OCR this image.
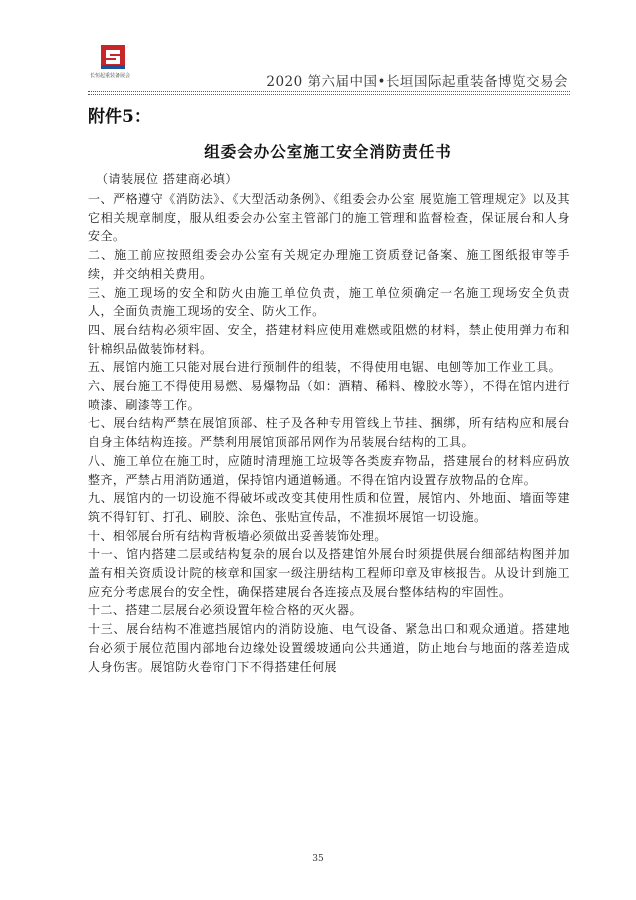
长恒起重装备展会	2020 第六届中国•长垣国际起重装备博览交易会
附件5：
组委会办公室施工安全消防责任书
（请装展位 搭建商必填）

一、严格遵守《消防法》、《大型活动条例》、《组委会办公室 展览施工管理规定》以及其它相关规章制度，服从组委会办公室主管部门的施工管理和监督检查，保证展台和人身安全。

二、施工前应按照组委会办公室有关规定办理施工资质登记备案、施工图纸报审等手续，并交纳相关费用。

三、施工现场的安全和防火由施工单位负责，施工单位须确定一名施工现场安全负责人，全面负责施工现场的安全、防火工作。

四、展台结构必须牢固、安全，搭建材料应使用难燃或阻燃的材料，禁止使用弹力布和针棉织品做装饰材料。

五、展馆内施工只能对展台进行预制件的组装，不得使用电锯、电刨等加工作业工具。

六、展台施工不得使用易燃、易爆物品（如：酒精、稀料、橡胶水等），不得在馆内进行喷漆、刷漆等工作。

七、展台结构严禁在展馆顶部、柱子及各种专用管线上节挂、捆绑，所有结构应和展台自身主体结构连接。严禁利用展馆顶部吊网作为吊装展台结构的工具。

八、施工单位在施工时，应随时清理施工垃圾等各类废弃物品，搭建展台的材料应码放整齐，严禁占用消防通道，保持馆内通道畅通。不得在馆内设置存放物品的仓库。

九、展馆内的一切设施不得破坏或改变其使用性质和位置，展馆内、外地面、墙面等建筑不得钉钉、打孔、刷胶、涂色、张贴宣传品，不准损坏展馆一切设施。

十、相邻展台所有结构背板墙必须做出妥善装饰处理。

十一、馆内搭建二层或结构复杂的展台以及搭建馆外展台时须提供展台细部结构图并加盖有相关资质设计院的核章和国家一级注册结构工程师印章及审核报告。从设计到施工应充分考虑展台的安全性，确保搭建展台各连接点及展台整体结构的牢固性。

十二、搭建二层展台必须设置年检合格的灭火器。

十三、展台结构不准遮挡展馆内的消防设施、电气设备、紧急出口和观众通道。搭建地台必须于展位范围内部地台边缘处设置缓坡通向公共通道，防止地台与地面的落差造成人身伤害。展馆防火卷帘门下不得搭建任何展

35
